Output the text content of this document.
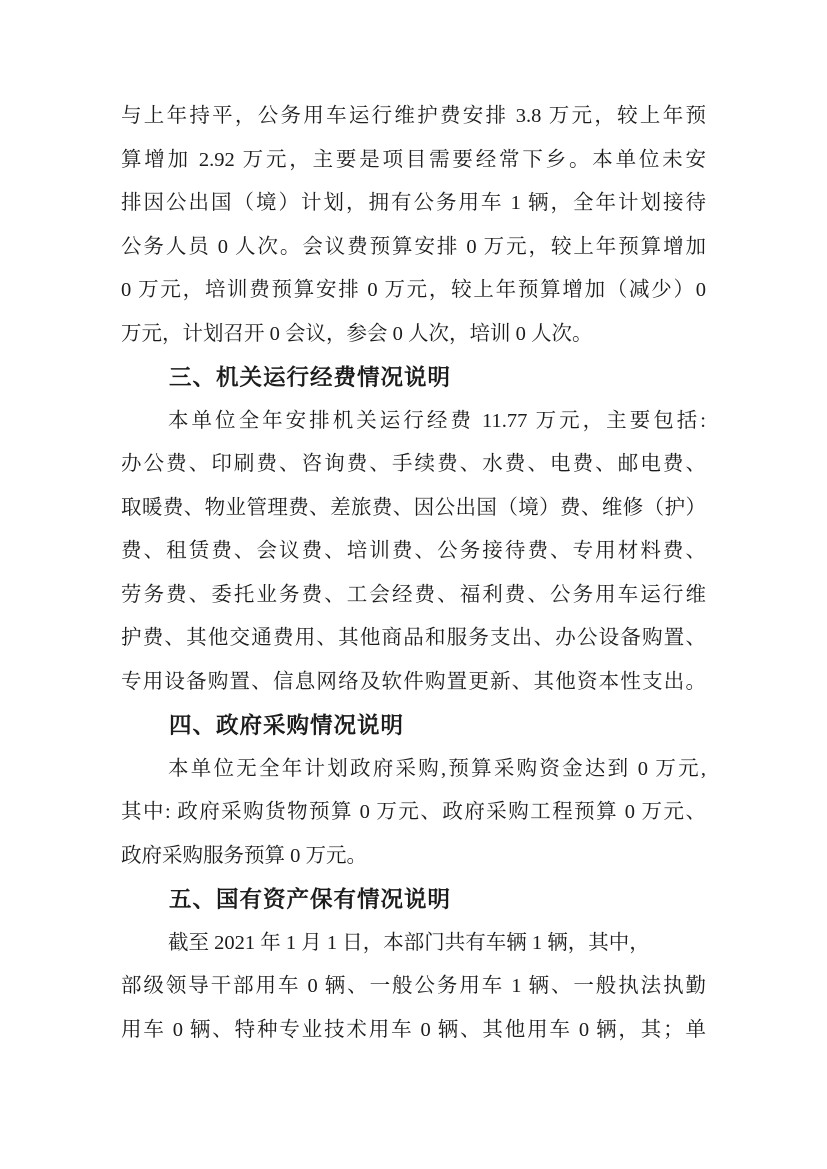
与上年持平，公务用车运行维护费安排 3.8 万元，较上年预
算增加 2.92 万元，主要是项目需要经常下乡。本单位未安
排因公出国（境）计划，拥有公务用车 1 辆，全年计划接待
公务人员 0 人次。会议费预算安排 0 万元，较上年预算增加
0 万元，培训费预算安排 0 万元，较上年预算增加（减少）0
万元，计划召开 0 会议，参会 0 人次，培训 0 人次。
三、机关运行经费情况说明
本单位全年安排机关运行经费 11.77 万元，主要包括:
办公费、印刷费、咨询费、手续费、水费、电费、邮电费、
取暖费、物业管理费、差旅费、因公出国（境）费、维修（护）
费、租赁费、会议费、培训费、公务接待费、专用材料费、
劳务费、委托业务费、工会经费、福利费、公务用车运行维
护费、其他交通费用、其他商品和服务支出、办公设备购置、
专用设备购置、信息网络及软件购置更新、其他资本性支出。
四、政府采购情况说明
本单位无全年计划政府采购,预算采购资金达到 0 万元,
其中: 政府采购货物预算 0 万元、政府采购工程预算 0 万元、
政府采购服务预算 0 万元。
五、国有资产保有情况说明
截至 2021 年 1 月 1 日，本部门共有车辆 1 辆，其中，
部级领导干部用车 0 辆、一般公务用车 1 辆、一般执法执勤
用车 0 辆、特种专业技术用车 0 辆、其他用车 0 辆，其；单
